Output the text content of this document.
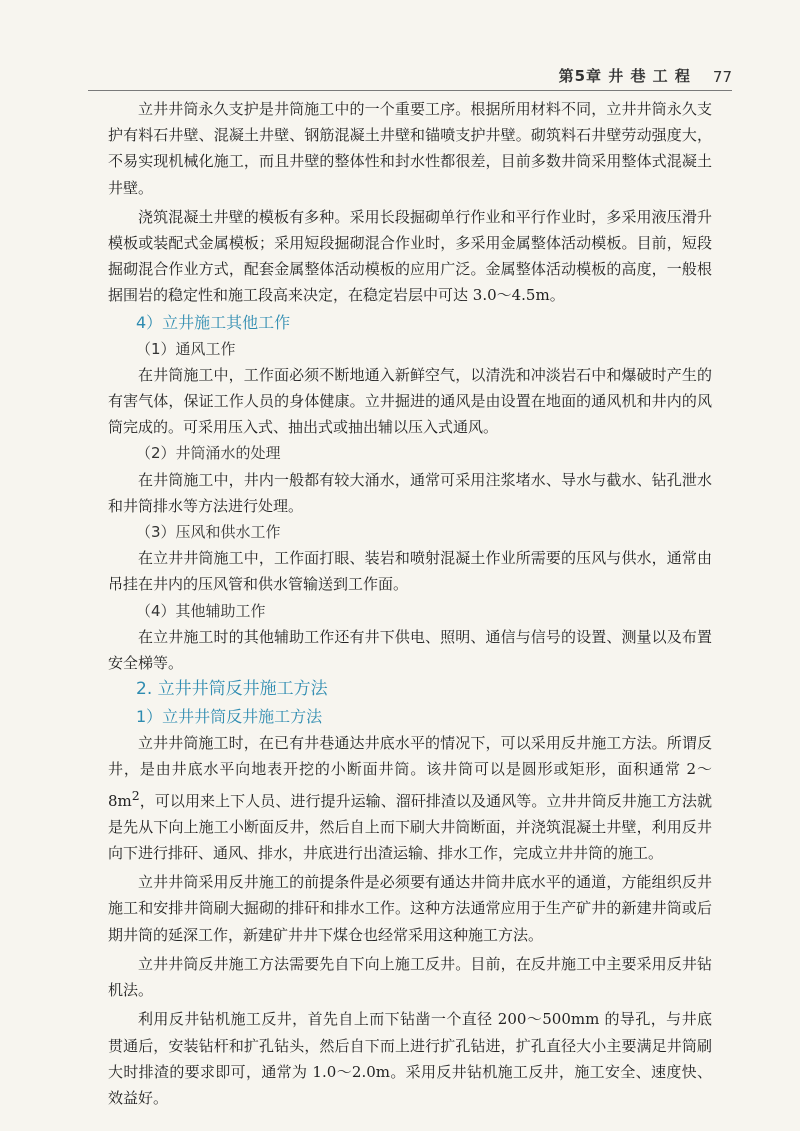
第5章 井 巷 工 程 77

立井井筒永久支护是井筒施工中的一个重要工序。根据所用材料不同，立井井筒永久支护有料石井壁、混凝土井壁、钢筋混凝土井壁和锚喷支护井壁。砌筑料石井壁劳动强度大，不易实现机械化施工，而且井壁的整体性和封水性都很差，目前多数井筒采用整体式混凝土井壁。

浇筑混凝土井壁的模板有多种。采用长段掘砌单行作业和平行作业时，多采用液压滑升模板或装配式金属模板；采用短段掘砌混合作业时，多采用金属整体活动模板。目前，短段掘砌混合作业方式，配套金属整体活动模板的应用广泛。金属整体活动模板的高度，一般根据围岩的稳定性和施工段高来决定，在稳定岩层中可达 3.0～4.5m。

4）立井施工其他工作
（1）通风工作

在井筒施工中，工作面必须不断地通入新鲜空气，以清洗和冲淡岩石中和爆破时产生的有害气体，保证工作人员的身体健康。立井掘进的通风是由设置在地面的通风机和井内的风筒完成的。可采用压入式、抽出式或抽出辅以压入式通风。

（2）井筒涌水的处理

在井筒施工中，井内一般都有较大涌水，通常可采用注浆堵水、导水与截水、钻孔泄水和井筒排水等方法进行处理。

（3）压风和供水工作

在立井井筒施工中，工作面打眼、装岩和喷射混凝土作业所需要的压风与供水，通常由吊挂在井内的压风管和供水管输送到工作面。

（4）其他辅助工作

在立井施工时的其他辅助工作还有井下供电、照明、通信与信号的设置、测量以及布置安全梯等。

2. 立井井筒反井施工方法
1）立井井筒反井施工方法

立井井筒施工时，在已有井巷通达井底水平的情况下，可以采用反井施工方法。所谓反井，是由井底水平向地表开挖的小断面井筒。该井筒可以是圆形或矩形，面积通常 $2\sim 8m^2$，可以用来上下人员、进行提升运输、溜矸排渣以及通风等。立井井筒反井施工方法就是先从下向上施工小断面反井，然后自上而下刷大井筒断面，并浇筑混凝土井壁，利用反井向下进行排矸、通风、排水，井底进行出渣运输、排水工作，完成立井井筒的施工。

立井井筒采用反井施工的前提条件是必须要有通达井筒井底水平的通道，方能组织反井施工和安排井筒刷大掘砌的排矸和排水工作。这种方法通常应用于生产矿井的新建井筒或后期井筒的延深工作，新建矿井井下煤仓也经常采用这种施工方法。

立井井筒反井施工方法需要先自下向上施工反井。目前，在反井施工中主要采用反井钻机法。

利用反井钻机施工反井，首先自上而下钻凿一个直径 200～500mm 的导孔，与井底贯通后，安装钻杆和扩孔钻头，然后自下而上进行扩孔钻进，扩孔直径大小主要满足井筒刷大时排渣的要求即可，通常为 1.0～2.0m。采用反井钻机施工反井，施工安全、速度快、效益好。
